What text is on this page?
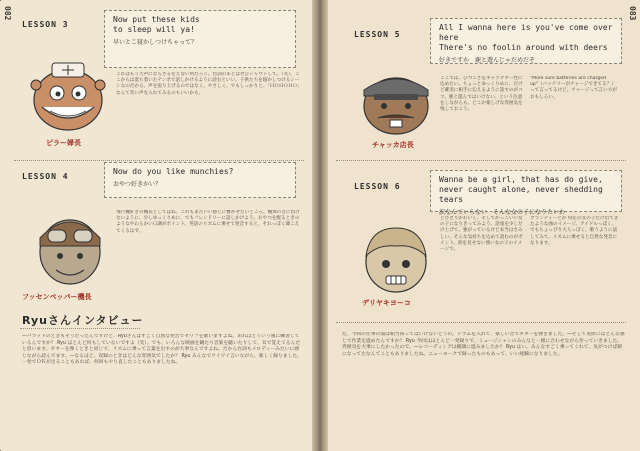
082
LESSON 3
Now put these kids
to sleep will ya!
早いとこ寝かしつけちゃって？
ピラー婦長
これはもう大声にならざるをえない所だろう。台詞のあとはぜひシャウトして。（笑）。ここからは落ち着いたテンポで話しかけるように読むといい。子供たちを寝かしつけるシーンなのだから、声を張り上げるのではなく、やさしく、でもしっかりと。「ＨＯＨＯＨＯ」なんて笑い声を入れてみるのもいいかも。
LESSON 4
Now do you like munchies?
おやつ好きかい？
フッセンペッパー機長
飛行機好きの機長としてはね、これもまたいい感じに響かせたいところ。機体の音に負けないように、少しゆっくりめに、でもフレンドリーに話しかけよう。おやつを配るときのようなやわらかい口調がポイント。英語のリズムに乗せて発音すると、それっぽく聞こえてくるはず。
Ryuさんインタビュー
―バラッドのときもそうだったんですけど、Ryuさんはすごく自然な発音でセリフを歌いますよね。あれはどういう風に練習しているんですか？ Ryu ほとんど何もしていないですよ（笑）。でも、いろんな映画を観たり音楽を聴いたりして、耳で覚えてるんだと思います。ギターを弾くときと同じで、リズムに乗って言葉を出すのが大事なんですよね。だから台詞もメロディーみたいに感じながら読んでます。―なるほど。収録のときはどんな雰囲気でしたか？ Ryu みんなでワイワイ言いながら、楽しく録りました。一発でＯＫが出ることもあれば、何回もやり直したこともありましたね。
083
LESSON 5
All I wanna here is you've come over here
There's no foolin around with deers
好きですか　鹿と遊んじゃだめだぞ
チャッカ店長
ここでは、ひつこさをキャラクター性に込めたい。ちょっとゆっくりめに、だけど確実に相手に伝えるように話すのがコツ。鹿と遊んではいけない、という注意をしながらも、どこか楽しげな雰囲気を残しておこう。
"More sure batteries are charged up"（バッテリーがチャージできてる？）って言ってるけど、チャージって言い方がおもしろい。
LESSON 6
Wanna be a girl, that has do give,
never caught alone, never shedding tears
涙なんていらない　そんな女の子になりたいわ
デリヤキヨーコ
とびきりかわいく、そしてかっこいい女の子になりきってみよう。語尾を少しだけ上げて、強がっているけど本当はさみしい、そんな気持ちを込めて読むのがポイント。涙を見せない強い女の子のイメージで。
ブランディーとか 特定の女の子だけ出てきたような曲のイメージ。アイドルっぽく、でもちょっぴり大人っぽく、歌うように話してみて。リズムに乗せると自然な発音になります。
た、今回の仕事の面は相当回ってはいけないとうの。ドラムを入れて、楽しい音でギターを弾きました。―そして実際にはどんな感じで作業を進めたんですか？ Ryu 今回はほとんど一発録りで、ミュージシャンのみんなと一緒に合わせながら作っていきました。雰囲気を大事にしたかったので。―レコーディングは順調に進みましたか？ Ryu はい。みんなすごく乗ってくれて、気がつけば朝になってたなんてこともありましたね。ニューヨークで録ったものもあって、いい経験になりました。
